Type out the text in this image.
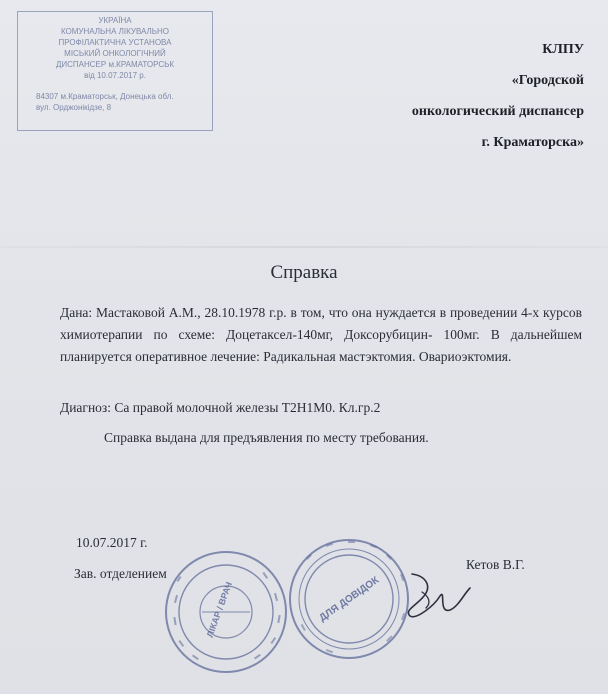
УКРАЇНА
КОМУНАЛЬНА ЛІКУВАЛЬНО
ПРОФІЛАКТИЧНА УСТАНОВА
МІСЬКИЙ ОНКОЛОГІЧНИЙ
ДИСПАНСЕР м.КРАМАТОРСЬК
від 10.07.2017 р.
84307 м.Краматорськ, Донецька обл.
вул. Орджонікідзе, 8
КЛПУ
«Городской
онкологический диспансер
г. Краматорска»
Справка
Дана: Мастаковой А.М., 28.10.1978 г.р. в том, что она нуждается в проведении 4-х курсов химиотерапии по схеме: Доцетаксел-140мг, Доксорубицин- 100мг. В дальнейшем планируется оперативное лечение: Радикальная мастэктомия. Овариоэктомия.
Диагноз: Са правой молочной железы T2H1M0. Кл.гр.2
Справка выдана для предъявления по месту требования.
10.07.2017 г.
Зав. отделением
Кетов В.Г.
ЛІКАР / ВРАЧ	ДЛЯ ДОВІДОК
